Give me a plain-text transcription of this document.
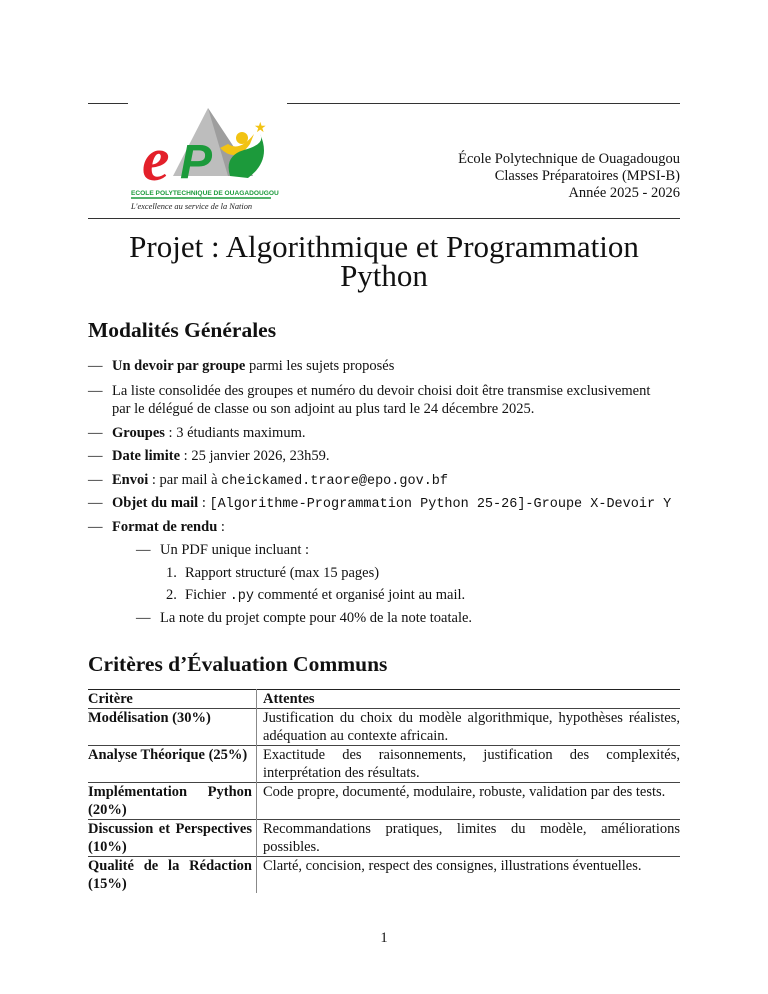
e P
★
ECOLE POLYTECHNIQUE DE OUAGADOUGOU
L'excellence au service de la Nation
École Polytechnique de Ouagadougou
Classes Préparatoires (MPSI-B)
Année 2025 - 2026
Projet : Algorithmique et Programmation
Python
Modalités Générales
— Un devoir par groupe parmi les sujets proposés
— La liste consolidée des groupes et numéro du devoir choisi doit être transmise exclusivement
par le délégué de classe ou son adjoint au plus tard le 24 décembre 2025.
— Groupes : 3 étudiants maximum.
— Date limite : 25 janvier 2026, 23h59.
— Envoi : par mail à cheickamed.traore@epo.gov.bf
— Objet du mail : [Algorithme-Programmation Python 25-26]-Groupe X-Devoir Y
— Format de rendu :
— Un PDF unique incluant :
1. Rapport structuré (max 15 pages)
2. Fichier .py commenté et organisé joint au mail.
— La note du projet compte pour 40% de la note toatale.
Critères d’Évaluation Communs
Critère	Attentes
Modélisation (30%)	Justification du choix du modèle algorithmique, hypothèses réalistes, adéquation au contexte africain.
Analyse Théorique (25%)	Exactitude des raisonnements, justification des complexités, interprétation des résultats.
Implémentation Python (20%)	Code propre, documenté, modulaire, robuste, validation par des tests.
Discussion et Perspectives (10%)	Recommandations pratiques, limites du modèle, améliorations possibles.
Qualité de la Rédaction (15%)	Clarté, concision, respect des consignes, illustrations éventuelles.
1
